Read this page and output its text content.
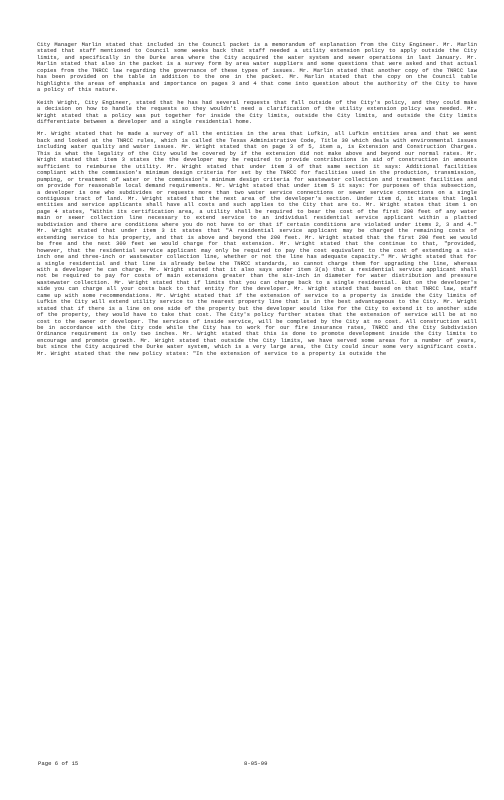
City Manager Marlin stated that included in the Council packet is a memorandum of explanation from the City Engineer. Mr. Marlin stated that staff mentioned to Council some weeks back that staff needed a utility extension policy to apply outside the City limits, and specifically in the Durke area where the City acquired the water system and sewer operations in last January. Mr. Marlin stated that also in the packet is a survey form by area water suppliers and some questions that were asked and that actual copies from the TNRCC law regarding the governance of these types of issues. Mr. Marlin stated that another copy of the TNRCC law has been provided on the table in addition to the one in the packet. Mr. Marlin stated that the copy on the Council table highlights the areas of emphasis and importance on pages 3 and 4 that come into question about the authority of the City to have a policy of this nature.

Keith Wright, City Engineer, stated that he has had several requests that fall outside of the City's policy, and they could make a decision on how to handle the requests so they wouldn't need a clarification of the utility extension policy was needed. Mr. Wright stated that a policy was put together for inside the City limits, outside the City limits, and outside the City limits differentiate between a developer and a single residential home.

Mr. Wright stated that he made a survey of all the entities in the area that Lufkin, all Lufkin entities area and that we went back and looked at the TNRCC rules, which is called the Texas Administrative Code, Title 30 which deals with environmental issues including water quality and water issues. Mr. Wright stated that on page 3 of 5, item a, is Extension and Construction Charges. This is what the legality of the City would be covered by if the extension did not make above and beyond our normal rates. Mr. Wright stated that item 3 states the the developer may be required to provide contributions in aid of construction in amounts sufficient to reimburse the utility. Mr. Wright stated that under item 3 of that same section it says: Additional facilities compliant with the commission's minimum design criteria for set by the TNRCC for facilities used in the production, transmission, pumping, or treatment of water or the commission's minimum design criteria for wastewater collection and treatment facilities and on provide for reasonable local demand requirements. Mr. Wright stated that under item 5 it says: for purposes of this subsection, a developer is one who subdivides or requests more than two water service connections or sewer service connections on a single contiguous tract of land. Mr. Wright stated that the next area of the developer's section. Under item d, it states that legal entities and service applicants shall have all costs and such applies to the City that are to. Mr. Wright states that item 1 on page 4 states, "Within its certification area, a utility shall be required to bear the cost of the first 200 feet of any water main or sewer collection line necessary to extend service to an individual residential service applicant within a platted subdivision and there are conditions where you do not have to or that if certain conditions are violated under items 2, 3 and 4." Mr. Wright stated that under item 3 it states that "A residential service applicant may be charged the remaining costs of extending service to his property, and that is above and beyond the 200 feet. Mr. Wright stated that the first 200 feet we would be free and the next 300 feet we would charge for that extension. Mr. Wright stated that the continue to that, "provided, however, that the residential service applicant may only be required to pay the cost equivalent to the cost of extending a six-inch one and three-inch or wastewater collection line, whether or not the line has adequate capacity." Mr. Wright stated that for a single residential and that line is already below the TNRCC standards, so cannot charge them for upgrading the line, whereas with a developer he can charge. Mr. Wright stated that it also says under item 3(a) that a residential service applicant shall not be required to pay for costs of main extensions greater than the six-inch in diameter for water distribution and pressure wastewater collection. Mr. Wright stated that if limits that you can charge back to a single residential. But on the developer's side you can charge all your costs back to that entity for the developer. Mr. Wright stated that based on that TNRCC law, staff came up with some recommendations. Mr. Wright stated that if the extension of service to a property is inside the City limits of Lufkin the City will extend utility service to the nearest property line that is in the best advantageous to the City. Mr. Wright stated that if there is a line on one side of the property but the developer would like for the City to extend it to another side of the property, they would have to take that cost. The City's policy further states that the extension of service will be at no cost to the owner or developer. The services of inside service, will be completed by the City at no cost. All construction will be in accordance with the City code while the City has to work for our fire insurance rates, TNRCC and the City Subdivision Ordinance requirement is only two inches. Mr. Wright stated that this is done to promote development inside the City limits to encourage and promote growth. Mr. Wright stated that outside the City limits, we have served some areas for a number of years, but since the City acquired the Durke water system, which is a very large area, the City could incur some very significant costs. Mr. Wright stated that the new policy states: "In the extension of service to a property is outside the

Page 6 of 15	8-05-99
